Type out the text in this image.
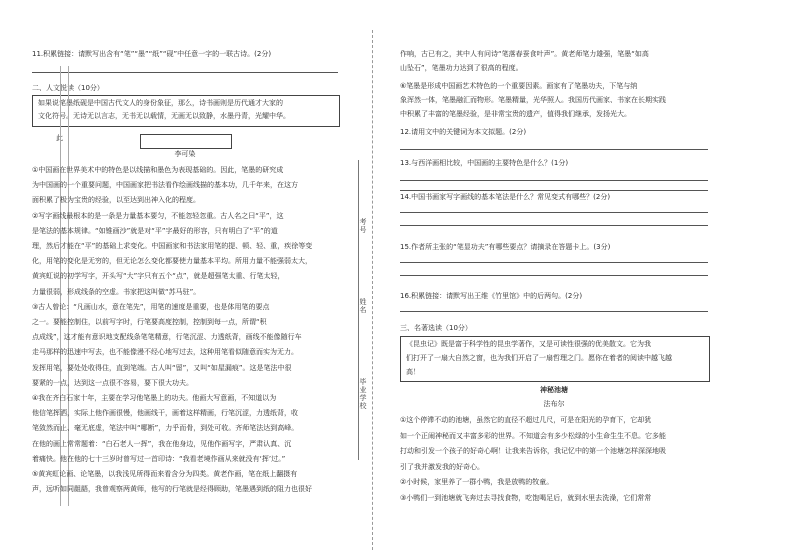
11.积累链接：请默写出含有“笔”“墨”“纸”“砚”中任意一字的一联古诗。(2分)
二、人文悦读（10分）
如果说笔墨纸砚是中国古代文人的身份象征，那么，诗书画则是历代通才大家的
文化符号。无诗无以言志，无书无以载情，无画无以致静，水墨丹青，光耀中华。
李可染
此
①中国画在世界美术中的特色是以线描和墨色为表现基础的。因此，笔墨的研究成
为中国画的一个重要问题，中国画家把书法看作绘画线描的基本功，几千年来，在这方
面积累了极为宝贵的经验，以至达到出神入化的程度。
②写字画线最根本的是一条是力量基本要匀，不能忽轻忽重。古人名之曰“平”，这
是笔法的基本规律。“如锥画沙”就是对“平”字最好的形容，只有明白了“平”的道
理，然后才能在“平”的基础上求变化。中国画家和书法家用笔的提、顿、轻、重，疾徐等变
化，用笔的变化是无穷的，但无论怎么变化都要使力量基本平均。所用力量不能强弱太大，
黄宾虹说的初学写字，开头写“大”字只有五个“点”，就是超强笔太重、行笔太轻，
力量很弱，形成线条的空虚。书家把这叫做“苏马驻”。
③古人曾论：“凡画山水，意在笔先”，用笔的速度是重要，也是体用笔的要点
之一。要能控制住，以前写字时，行笔要高度控制，控制到每一点，所谓“积
点成线”，这才能有意识地支配线条笔笔精意，行笔沉涩、力透纸背，画线不能像随行车
走马那样的迅速中写去，也不能像漫不经心地写过去，这种用笔看似随意而实为无力。
发挥用笔，要处处收得住，直到笔端。古人叫“留”，又叫“如屋漏痕”。这是笔法中很
要紧的一点，达到这一点很不容易，要下很大功夫。
④我在齐白石家十年，主要在学习他笔墨上的功夫。他画大写意画，不知道以为
他信笔挥洒，实际上他作画很慢，他画线干，画着这样精画，行笔沉涩，力透纸背，收
笔敛然而止、毫无底虚，笔法中叫“哪断”，力乎而骨，到处可收。齐师笔法达到高峰。
在他的画上常常题着：“白石老人一挥”，我在他身边，见他作画写字，严肃认真、沉
着痛快。他在他的七十三岁时曾写过一首印诗：“我看老境作画从来就没有‘挥’过。”
⑤黄宾虹论画、论笔墨，以我浅见所得而来看含分为四类。黄老作画，笔在纸上翻摄有
声，远听如同龃龉，我曾观察两黄师，他写的行笔就是经得顾助，笔墨遇到纸的阻力也很好
考号
姓名
毕业学校
作响，古已有之，其中人有问诗“笔落春蚕食叶声”。黄老师笔力雄强，笔墨“如高
山坠石”，笔墨功力达到了很高的程度。
⑥笔墨是形成中国画艺术特色的一个重要因素。画家有了笔墨功夫，下笔与纳
象浑然一体，笔墨融汇而物形。笔墨精量，光华照人。我国历代画家、书家在长期实践
中积累了丰富的笔墨经验，是非常宝贵的遗产，值得我们继承，发扬光大。
12.请用文中的关键词为本文拟题。(2分)
13.与西洋画相比较，中国画的主要特色是什么？(1分)
14.中国书画家写字画线的基本笔法是什么？常见变式有哪些？(2分)
15.作者所主张的“笔显功夫”有哪些要点？请摘录在答题卡上。(3分)
16.积累链接：请默写出王维《竹里馆》中的后两句。(2分)
三、名著选读（10分）
《昆虫记》既是富于科学性的昆虫学著作，又是可读性很强的优美散文。它为我
们打开了一扇大自然之窗，也为我们开启了一扇哲理之门。愿你在着者的阅读中越飞越
高！
神秘池塘
法布尔
①这个停滞不动的池塘，虽然它的直径不超过几尺，可是在阳光的孕育下，它却犹
如一个正闹神秘而又丰富多彩的世界。不知道会有多少松绿的小生命生生不息。它多能
打动和引发一个孩子的好奇心啊！让我来告诉你，我记忆中的第一个池塘怎样深深地吸
引了我并激发我的好奇心。
②小时候，家里养了一群小鸭，我是放鸭的牧童。
③小鸭们一到池塘就飞奔过去寻找食物，吃饱喝足后，就到水里去洗澡，它们常常
